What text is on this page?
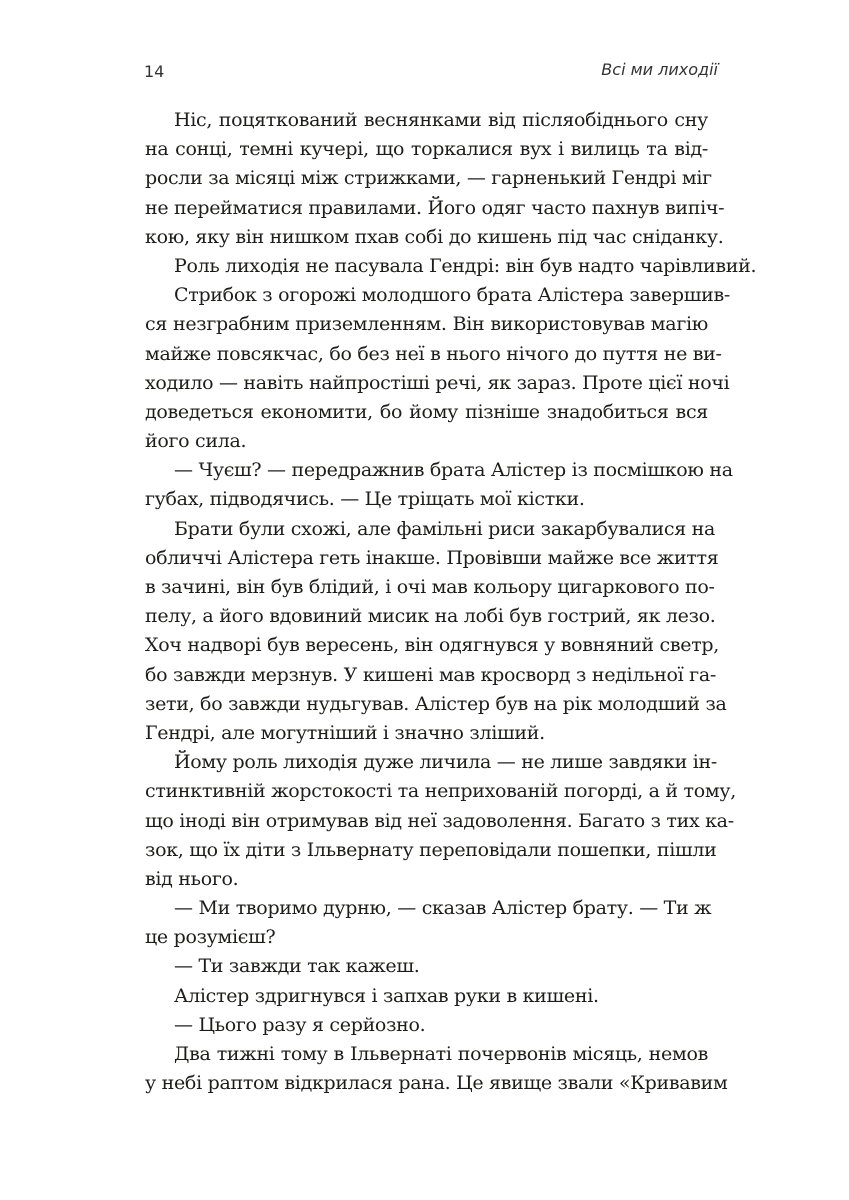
14	Всі ми лиходії
Ніс, поцяткований веснянками від післяобіднього сну
на сонці, темні кучері, що торкалися вух і вилиць та від-
росли за місяці між стрижками, — гарненький Гендрі міг
не перейматися правилами. Його одяг часто пахнув випіч-
кою, яку він нишком пхав собі до кишень під час сніданку.
Роль лиходія не пасувала Гендрі: він був надто чарівливий.
Стрибок з огорожі молодшого брата Алістера завершив-
ся незграбним приземленням. Він використовував магію
майже повсякчас, бо без неї в нього нічого до пуття не ви-
ходило — навіть найпростіші речі, як зараз. Проте цієї ночі
доведеться економити, бо йому пізніше знадобиться вся
його сила.
— Чуєш? — передражнив брата Алістер із посмішкою на
губах, підводячись. — Це тріщать мої кістки.
Брати були схожі, але фамільні риси закарбувалися на
обличчі Алістера геть інакше. Провівши майже все життя
в зачині, він був блідий, і очі мав кольору цигаркового по-
пелу, а його вдовиний мисик на лобі був гострий, як лезо.
Хоч надворі був вересень, він одягнувся у вовняний светр,
бо завжди мерзнув. У кишені мав кросворд з недільної га-
зети, бо завжди нудьгував. Алістер був на рік молодший за
Гендрі, але могутніший і значно зліший.
Йому роль лиходія дуже личила — не лише завдяки ін-
стинктивній жорстокості та неприхованій погорді, а й тому,
що іноді він отримував від неї задоволення. Багато з тих ка-
зок, що їх діти з Ільвернату переповідали пошепки, пішли
від нього.
— Ми творимо дурню, — сказав Алістер брату. — Ти ж
це розумієш?
— Ти завжди так кажеш.
Алістер здригнувся і запхав руки в кишені.
— Цього разу я серйозно.
Два тижні тому в Ільвернаті почервонів місяць, немов
у небі раптом відкрилася рана. Це явище звали «Кривавим
